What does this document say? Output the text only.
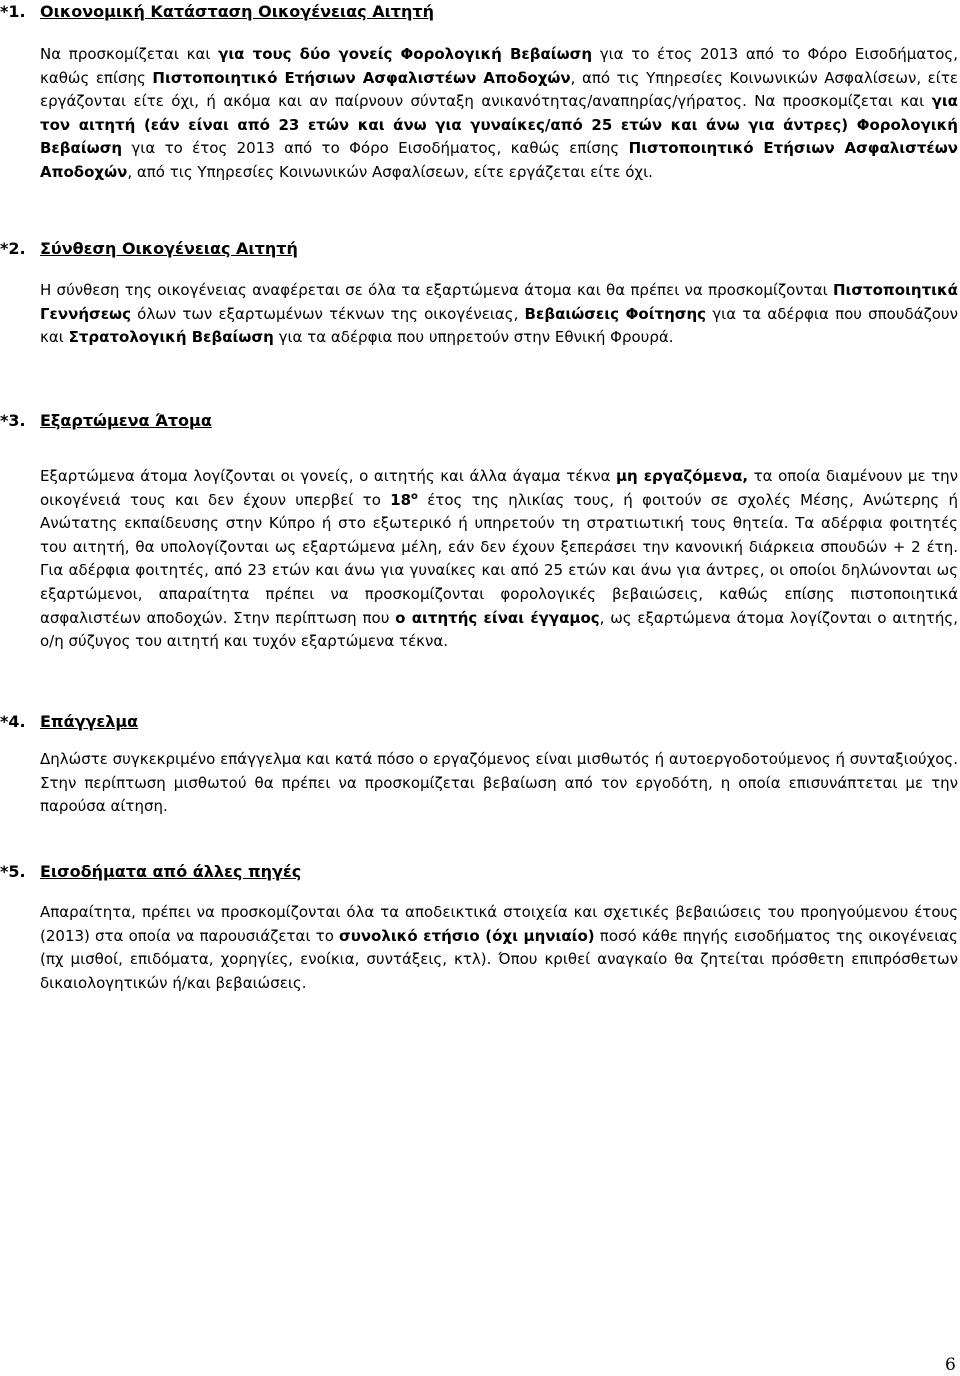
*1. Οικονομική Κατάσταση Οικογένειας Αιτητή
Να προσκομίζεται και για τους δύο γονείς Φορολογική Βεβαίωση για το έτος 2013 από το Φόρο Εισοδήματος, καθώς επίσης Πιστοποιητικό Ετήσιων Ασφαλιστέων Αποδοχών, από τις Υπηρεσίες Κοινωνικών Ασφαλίσεων, είτε εργάζονται είτε όχι, ή ακόμα και αν παίρνουν σύνταξη ανικανότητας/αναπηρίας/γήρατος. Να προσκομίζεται και για τον αιτητή (εάν είναι από 23 ετών και άνω για γυναίκες/από 25 ετών και άνω για άντρες) Φορολογική Βεβαίωση για το έτος 2013 από το Φόρο Εισοδήματος, καθώς επίσης Πιστοποιητικό Ετήσιων Ασφαλιστέων Αποδοχών, από τις Υπηρεσίες Κοινωνικών Ασφαλίσεων, είτε εργάζεται είτε όχι.
*2. Σύνθεση Οικογένειας Αιτητή
Η σύνθεση της οικογένειας αναφέρεται σε όλα τα εξαρτώμενα άτομα και θα πρέπει να προσκομίζονται Πιστοποιητικά Γεννήσεως όλων των εξαρτωμένων τέκνων της οικογένειας, Βεβαιώσεις Φοίτησης για τα αδέρφια που σπουδάζουν και Στρατολογική Βεβαίωση για τα αδέρφια που υπηρετούν στην Εθνική Φρουρά.
*3. Εξαρτώμενα Άτομα
Εξαρτώμενα άτομα λογίζονται οι γονείς, ο αιτητής και άλλα άγαμα τέκνα μη εργαζόμενα, τα οποία διαμένουν με την οικογένειά τους και δεν έχουν υπερβεί το $18^o$ έτος της ηλικίας τους, ή φοιτούν σε σχολές Μέσης, Ανώτερης ή Ανώτατης εκπαίδευσης στην Κύπρο ή στο εξωτερικό ή υπηρετούν τη στρατιωτική τους θητεία. Τα αδέρφια φοιτητές του αιτητή, θα υπολογίζονται ως εξαρτώμενα μέλη, εάν δεν έχουν ξεπεράσει την κανονική διάρκεια σπουδών + 2 έτη. Για αδέρφια φοιτητές, από 23 ετών και άνω για γυναίκες και από 25 ετών και άνω για άντρες, οι οποίοι δηλώνονται ως εξαρτώμενοι, απαραίτητα πρέπει να προσκομίζονται φορολογικές βεβαιώσεις, καθώς επίσης πιστοποιητικά ασφαλιστέων αποδοχών. Στην περίπτωση που ο αιτητής είναι έγγαμος, ως εξαρτώμενα άτομα λογίζονται ο αιτητής, ο/η σύζυγος του αιτητή και τυχόν εξαρτώμενα τέκνα.
*4. Επάγγελμα
Δηλώστε συγκεκριμένο επάγγελμα και κατά πόσο ο εργαζόμενος είναι μισθωτός ή αυτοεργοδοτούμενος ή συνταξιούχος. Στην περίπτωση μισθωτού θα πρέπει να προσκομίζεται βεβαίωση από τον εργοδότη, η οποία επισυνάπτεται με την παρούσα αίτηση.
*5. Εισοδήματα από άλλες πηγές
Απαραίτητα, πρέπει να προσκομίζονται όλα τα αποδεικτικά στοιχεία και σχετικές βεβαιώσεις του προηγούμενου έτους (2013) στα οποία να παρουσιάζεται το συνολικό ετήσιο (όχι μηνιαίο) ποσό κάθε πηγής εισοδήματος της οικογένειας (πχ μισθοί, επιδόματα, χορηγίες, ενοίκια, συντάξεις, κτλ). Όπου κριθεί αναγκαίο θα ζητείται πρόσθετη επιπρόσθετων δικαιολογητικών ή/και βεβαιώσεις.
6
